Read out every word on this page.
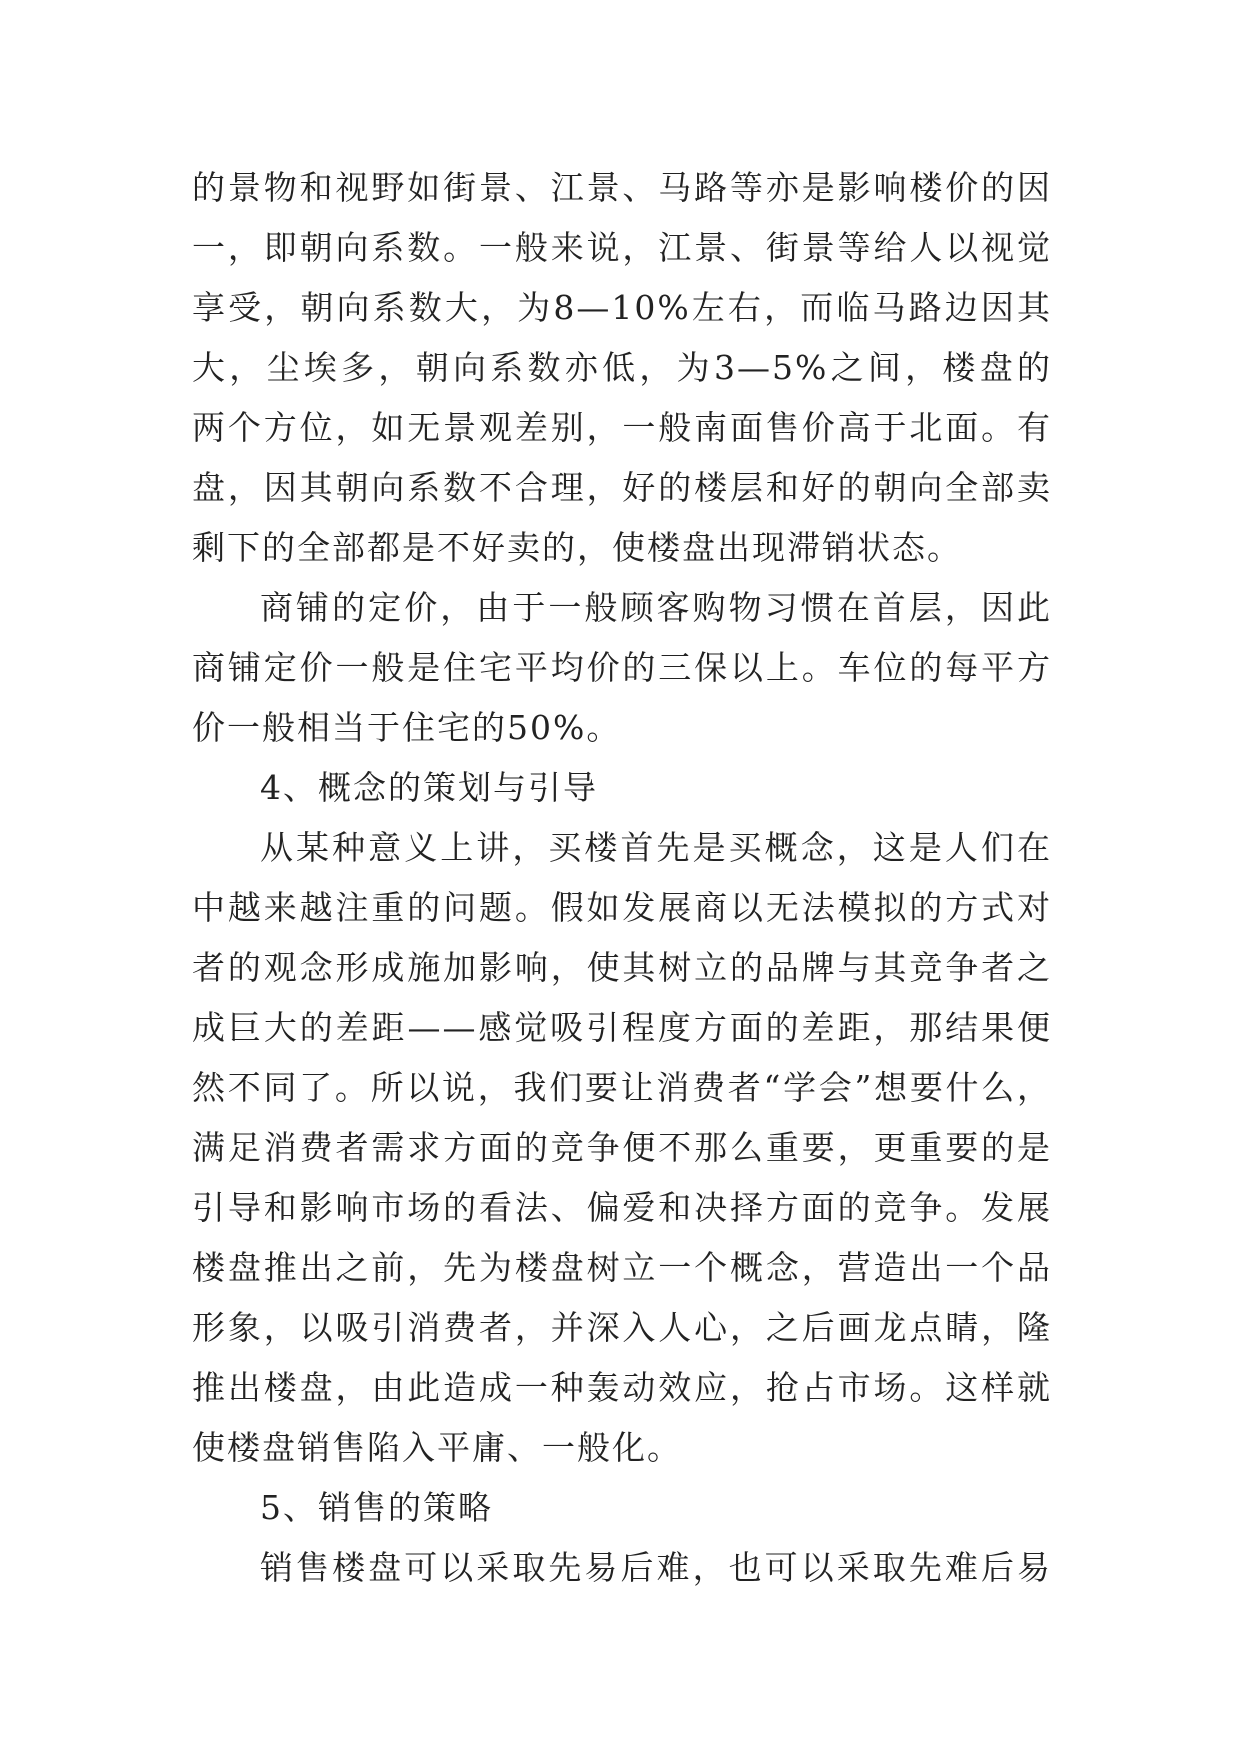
的景物和视野如街景、江景、马路等亦是影响楼价的因
一，即朝向系数。一般来说，江景、街景等给人以视觉
享受，朝向系数大，为8—10%左右，而临马路边因其
大，尘埃多，朝向系数亦低，为3—5%之间，楼盘的
两个方位，如无景观差别，一般南面售价高于北面。有
盘，因其朝向系数不合理，好的楼层和好的朝向全部卖
剩下的全部都是不好卖的，使楼盘出现滞销状态。
商铺的定价，由于一般顾客购物习惯在首层，因此
商铺定价一般是住宅平均价的三保以上。车位的每平方
价一般相当于住宅的50%。
4、概念的策划与引导
从某种意义上讲，买楼首先是买概念，这是人们在
中越来越注重的问题。假如发展商以无法模拟的方式对
者的观念形成施加影响，使其树立的品牌与其竞争者之
成巨大的差距——感觉吸引程度方面的差距，那结果便
然不同了。所以说，我们要让消费者“学会”想要什么，
满足消费者需求方面的竞争便不那么重要，更重要的是
引导和影响市场的看法、偏爱和决择方面的竞争。发展
楼盘推出之前，先为楼盘树立一个概念，营造出一个品
形象，以吸引消费者，并深入人心，之后画龙点睛，隆
推出楼盘，由此造成一种轰动效应，抢占市场。这样就
使楼盘销售陷入平庸、一般化。
5、销售的策略
销售楼盘可以采取先易后难，也可以采取先难后易
